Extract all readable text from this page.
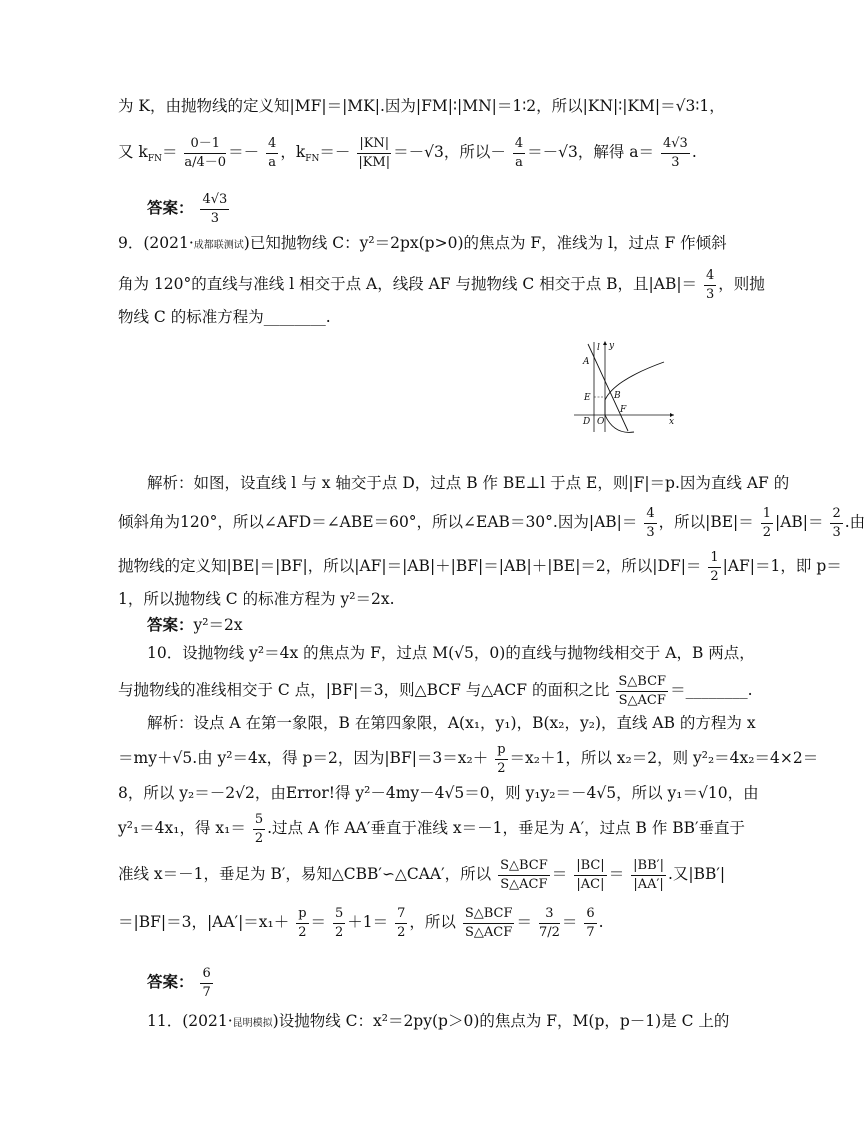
为 K，由抛物线的定义知|MF|＝|MK|.因为|FM|∶|MN|＝1∶2，所以|KN|∶|KM|＝√3∶1，
又 $k_{FN}= \frac{0-1}{a/4-0} =- \frac{4}{a}$ ，$k_{FN}=- \frac{|KN|}{|KM|} =-√3$，所以－ $\frac{4}{a} =-√3$，解得 $a= \frac{4√3}{3}$ .
答案： $\frac{4√3}{3}$
9．(2021·成都联测试)已知抛物线 C：y²＝2px(p>0)的焦点为 F，准线为 l，过点 F 作倾斜
角为 120°的直线与准线 l 相交于点 A，线段 AF 与抛物线 C 相交于点 B，且$|AB|= \frac{4}{3}$ ，则抛
物线 C 的标准方程为________.
y
l
A
E	B
F
D O	x
解析：如图，设直线 l 与 x 轴交于点 D，过点 B 作 BE⊥l 于点 E，则|F|＝p.因为直线 AF 的
倾斜角为120°，所以∠AFD＝∠ABE＝60°，所以∠EAB＝30°.因为$|AB|= \frac{4}{3}$ ，所以$|BE|= \frac{1}{2} |AB|= \frac{2}{3}$ .由
抛物线的定义知|BE|＝|BF|，所以|AF|＝|AB|＋|BF|＝|AB|＋|BE|＝2，所以$|DF|= \frac{1}{2} |AF|=1$，即 p＝
1，所以抛物线 C 的标准方程为 y²＝2x.
答案：y²＝2x
10．设抛物线 y²＝4x 的焦点为 F，过点 M(√5，0)的直线与抛物线相交于 A，B 两点，
与抛物线的准线相交于 C 点，|BF|＝3，则△BCF 与△ACF 的面积之比 $\frac{\text{S△BCF}}{\text{S△ACF}}$ ＝________.
解析：设点 A 在第一象限，B 在第四象限，A(x₁，y₁)，B(x₂，y₂)，直线 AB 的方程为 x
＝my＋√5.由 y²＝4x，得 p＝2，因为$|BF|=3=x_2+ \frac{p}{2} =x_2+1$，所以 x₂＝2，则 y²₂＝4x₂＝4×2＝
8，所以 y₂＝－2√2，由Error!得 y²－4my－4√5＝0，则 y₁y₂＝－4√5，所以 y₁＝√10，由
y²₁＝4x₁，得 $x_1= \frac{5}{2}$ .过点 A 作 AA′垂直于准线 x＝－1，垂足为 A′，过点 B 作 BB′垂直于
准线 x＝－1，垂足为 B′，易知△CBB′∽△CAA′，所以 $\frac{\text{S△BCF}}{\text{S△ACF}} = \frac{|BC|}{|AC|} = \frac{|BB'|}{|AA'|}$ .又|BB′|
＝|BF|＝3，$|AA'|=x_1+ \frac{p}{2} = \frac{5}{2} +1= \frac{7}{2}$ ，所以 $\frac{\text{S△BCF}}{\text{S△ACF}} = \frac{3}{7/2} = \frac{6}{7}$ .
答案： $\frac{6}{7}$
11．(2021·昆明模拟)设抛物线 C：x²＝2py(p＞0)的焦点为 F，M(p，p－1)是 C 上的
